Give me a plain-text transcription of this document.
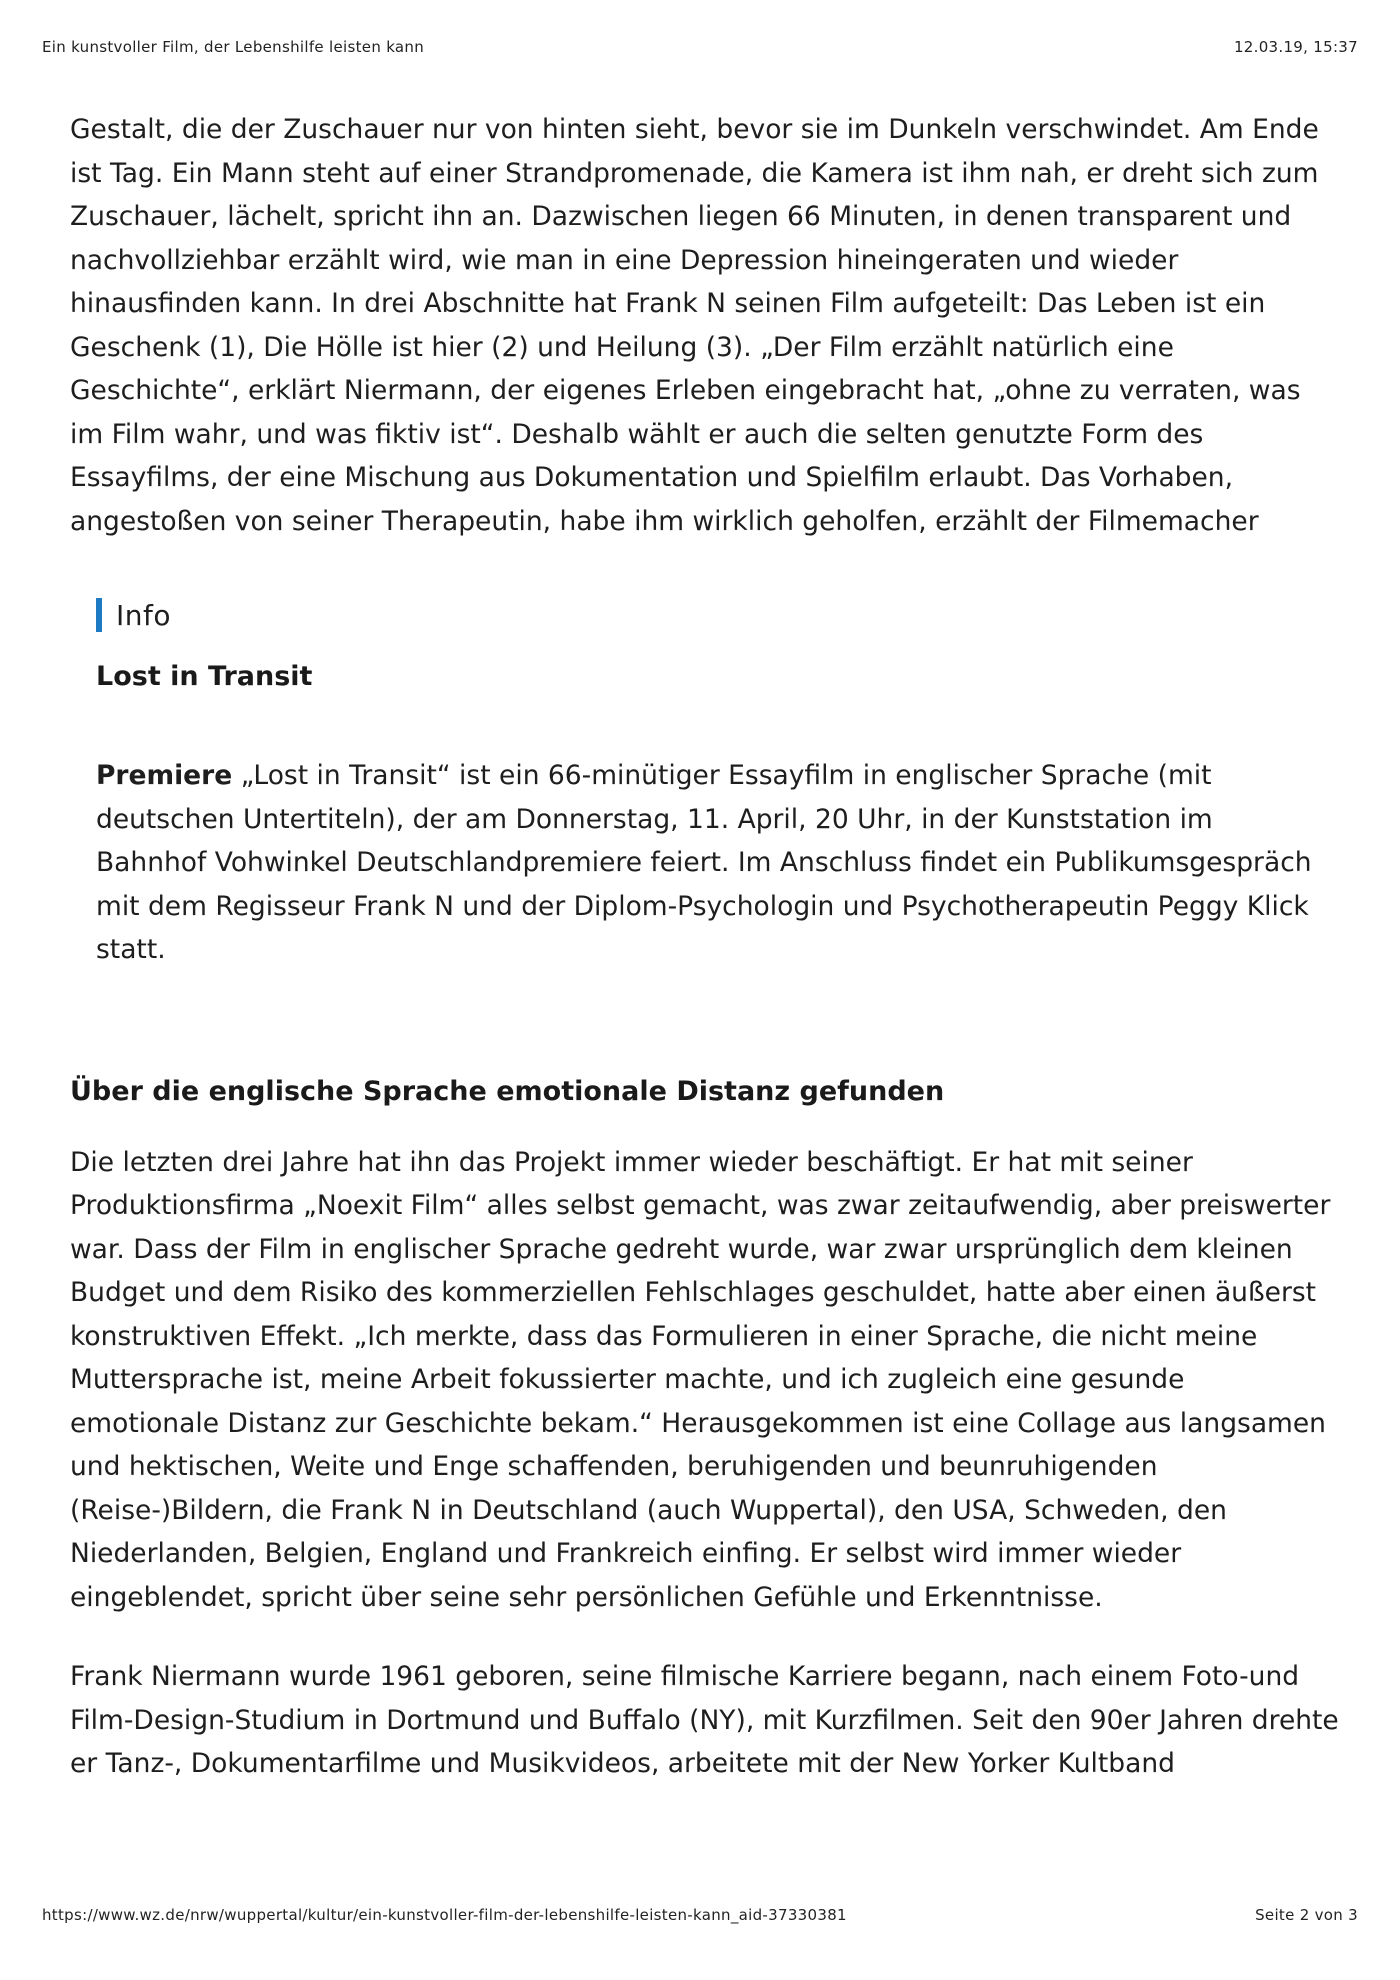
Ein kunstvoller Film, der Lebenshilfe leisten kann	12.03.19, 15:37

Gestalt, die der Zuschauer nur von hinten sieht, bevor sie im Dunkeln verschwindet. Am Ende ist Tag. Ein Mann steht auf einer Strandpromenade, die Kamera ist ihm nah, er dreht sich zum Zuschauer, lächelt, spricht ihn an. Dazwischen liegen 66 Minuten, in denen transparent und nachvollziehbar erzählt wird, wie man in eine Depression hineingeraten und wieder hinausfinden kann. In drei Abschnitte hat Frank N seinen Film aufgeteilt: Das Leben ist ein Geschenk (1), Die Hölle ist hier (2) und Heilung (3). „Der Film erzählt natürlich eine Geschichte“, erklärt Niermann, der eigenes Erleben eingebracht hat, „ohne zu verraten, was im Film wahr, und was fiktiv ist“. Deshalb wählt er auch die selten genutzte Form des Essayfilms, der eine Mischung aus Dokumentation und Spielfilm erlaubt. Das Vorhaben, angestoßen von seiner Therapeutin, habe ihm wirklich geholfen, erzählt der Filmemacher

Info
Lost in Transit
Premiere „Lost in Transit“ ist ein 66-minütiger Essayfilm in englischer Sprache (mit deutschen Untertiteln), der am Donnerstag, 11. April, 20 Uhr, in der Kunststation im Bahnhof Vohwinkel Deutschlandpremiere feiert. Im Anschluss findet ein Publikumsgespräch mit dem Regisseur Frank N und der Diplom-Psychologin und Psychotherapeutin Peggy Klick statt.
Über die englische Sprache emotionale Distanz gefunden

Die letzten drei Jahre hat ihn das Projekt immer wieder beschäftigt. Er hat mit seiner Produktionsfirma „Noexit Film“ alles selbst gemacht, was zwar zeitaufwendig, aber preiswerter war. Dass der Film in englischer Sprache gedreht wurde, war zwar ursprünglich dem kleinen Budget und dem Risiko des kommerziellen Fehlschlages geschuldet, hatte aber einen äußerst konstruktiven Effekt. „Ich merkte, dass das Formulieren in einer Sprache, die nicht meine Muttersprache ist, meine Arbeit fokussierter machte, und ich zugleich eine gesunde emotionale Distanz zur Geschichte bekam.“ Herausgekommen ist eine Collage aus langsamen und hektischen, Weite und Enge schaffenden, beruhigenden und beunruhigenden (Reise-)Bildern, die Frank N in Deutschland (auch Wuppertal), den USA, Schweden, den Niederlanden, Belgien, England und Frankreich einfing. Er selbst wird immer wieder eingeblendet, spricht über seine sehr persönlichen Gefühle und Erkenntnisse.

Frank Niermann wurde 1961 geboren, seine filmische Karriere begann, nach einem Foto-und Film-Design-Studium in Dortmund und Buffalo (NY), mit Kurzfilmen. Seit den 90er Jahren drehte er Tanz-, Dokumentarfilme und Musikvideos, arbeitete mit der New Yorker Kultband

https://www.wz.de/nrw/wuppertal/kultur/ein-kunstvoller-film-der-lebenshilfe-leisten-kann_aid-37330381	Seite 2 von 3
